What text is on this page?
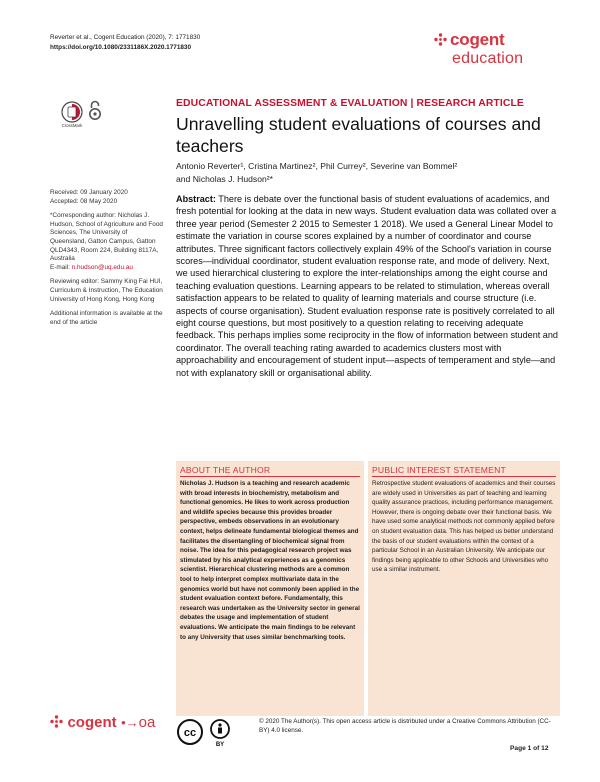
Reverter et al., Cogent Education (2020), 7: 1771830
https://doi.org/10.1080/2331186X.2020.1771830	cogent
education
CrossMark
EDUCATIONAL ASSESSMENT & EVALUATION | RESEARCH ARTICLE
Unravelling student evaluations of courses and teachers
Antonio Reverter¹, Cristina Martinez², Phil Currey², Severine van Bommel²
and Nicholas J. Hudson²*

Received: 09 January 2020

Accepted: 08 May 2020

*Corresponding author: Nicholas J. Hudson, School of Agriculture and Food Sciences, The University of Queensland, Gatton Campus, Gatton QLD4343, Room 224, Building 8117A, Australia

E-mail: n.hudson@uq.edu.au

Reviewing editor: Sammy King Fai HUI, Curriculum & Instruction, The Education University of Hong Kong, Hong Kong

Additional information is available at the end of the article

Abstract: There is debate over the functional basis of student evaluations of academics, and fresh potential for looking at the data in new ways. Student evaluation data was collated over a three year period (Semester 2 2015 to Semester 1 2018). We used a General Linear Model to estimate the variation in course scores explained by a number of coordinator and course attributes. Three significant factors collectively explain 49% of the School's variation in course scores—individual coordinator, student evaluation response rate, and mode of delivery. Next, we used hierarchical clustering to explore the inter-relationships among the eight course and teaching evaluation questions. Learning appears to be related to stimulation, whereas overall satisfaction appears to be related to quality of learning materials and course structure (i.e. aspects of course organisation). Student evaluation response rate is positively correlated to all eight course questions, but most positively to a question relating to receiving adequate feedback. This perhaps implies some reciprocity in the flow of information between student and coordinator. The overall teaching rating awarded to academics clusters most with approachability and encouragement of student input—aspects of temperament and style—and not with explanatory skill or organisational ability.
ABOUT THE AUTHOR
Nicholas J. Hudson is a teaching and research academic with broad interests in biochemistry, metabolism and functional genomics. He likes to work across production and wildlife species because this provides broader perspective, embeds observations in an evolutionary context, helps delineate fundamental biological themes and facilitates the disentangling of biochemical signal from noise. The idea for this pedagogical research project was stimulated by his analytical experiences as a genomics scientist. Hierarchical clustering methods are a common tool to help interpret complex multivariate data in the genomics world but have not commonly been applied in the student evaluation context before. Fundamentally, this research was undertaken as the University sector in general debates the usage and implementation of student evaluations. We anticipate the main findings to be relevant to any University that uses similar benchmarking tools.
PUBLIC INTEREST STATEMENT
Retrospective student evaluations of academics and their courses are widely used in Universities as part of teaching and learning quality assurance practices, including performance management. However, there is ongoing debate over their functional basis. We have used some analytical methods not commonly applied before on student evaluation data. This has helped us better understand the basis of our student evaluations within the context of a particular School in an Australian University. We anticipate our findings being applicable to other Schools and Universities who use a similar instrument.
cogent •→oa
cc
BY
© 2020 The Author(s). This open access article is distributed under a Creative Commons Attribution (CC-BY) 4.0 license.
Page 1 of 12
